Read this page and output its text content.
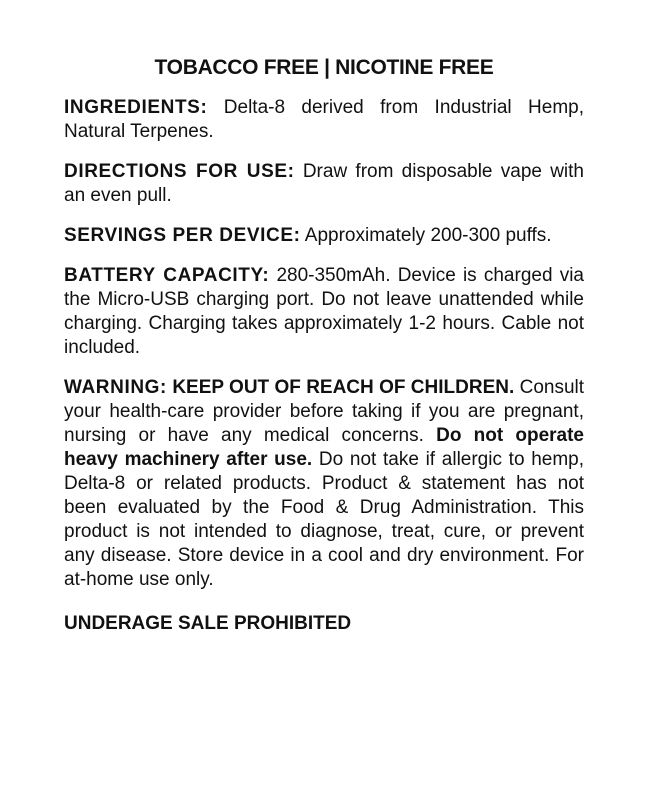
TOBACCO FREE | NICOTINE FREE

INGREDIENTS: Delta-8 derived from Industrial Hemp, Natural Terpenes.

DIRECTIONS FOR USE: Draw from disposable vape with an even pull.

SERVINGS PER DEVICE: Approximately 200-300 puffs.

BATTERY CAPACITY: 280-350mAh. Device is charged via the Micro-USB charging port. Do not leave unattended while charging. Charging takes approximately 1-2 hours. Cable not included.

WARNING: KEEP OUT OF REACH OF CHILDREN. Consult your health-care provider before taking if you are pregnant, nursing or have any medical concerns. Do not operate heavy machinery after use. Do not take if allergic to hemp, Delta-8 or related products. Product & statement has not been evaluated by the Food & Drug Administration. This product is not intended to diagnose, treat, cure, or prevent any disease. Store device in a cool and dry environment. For at-home use only.

UNDERAGE SALE PROHIBITED
